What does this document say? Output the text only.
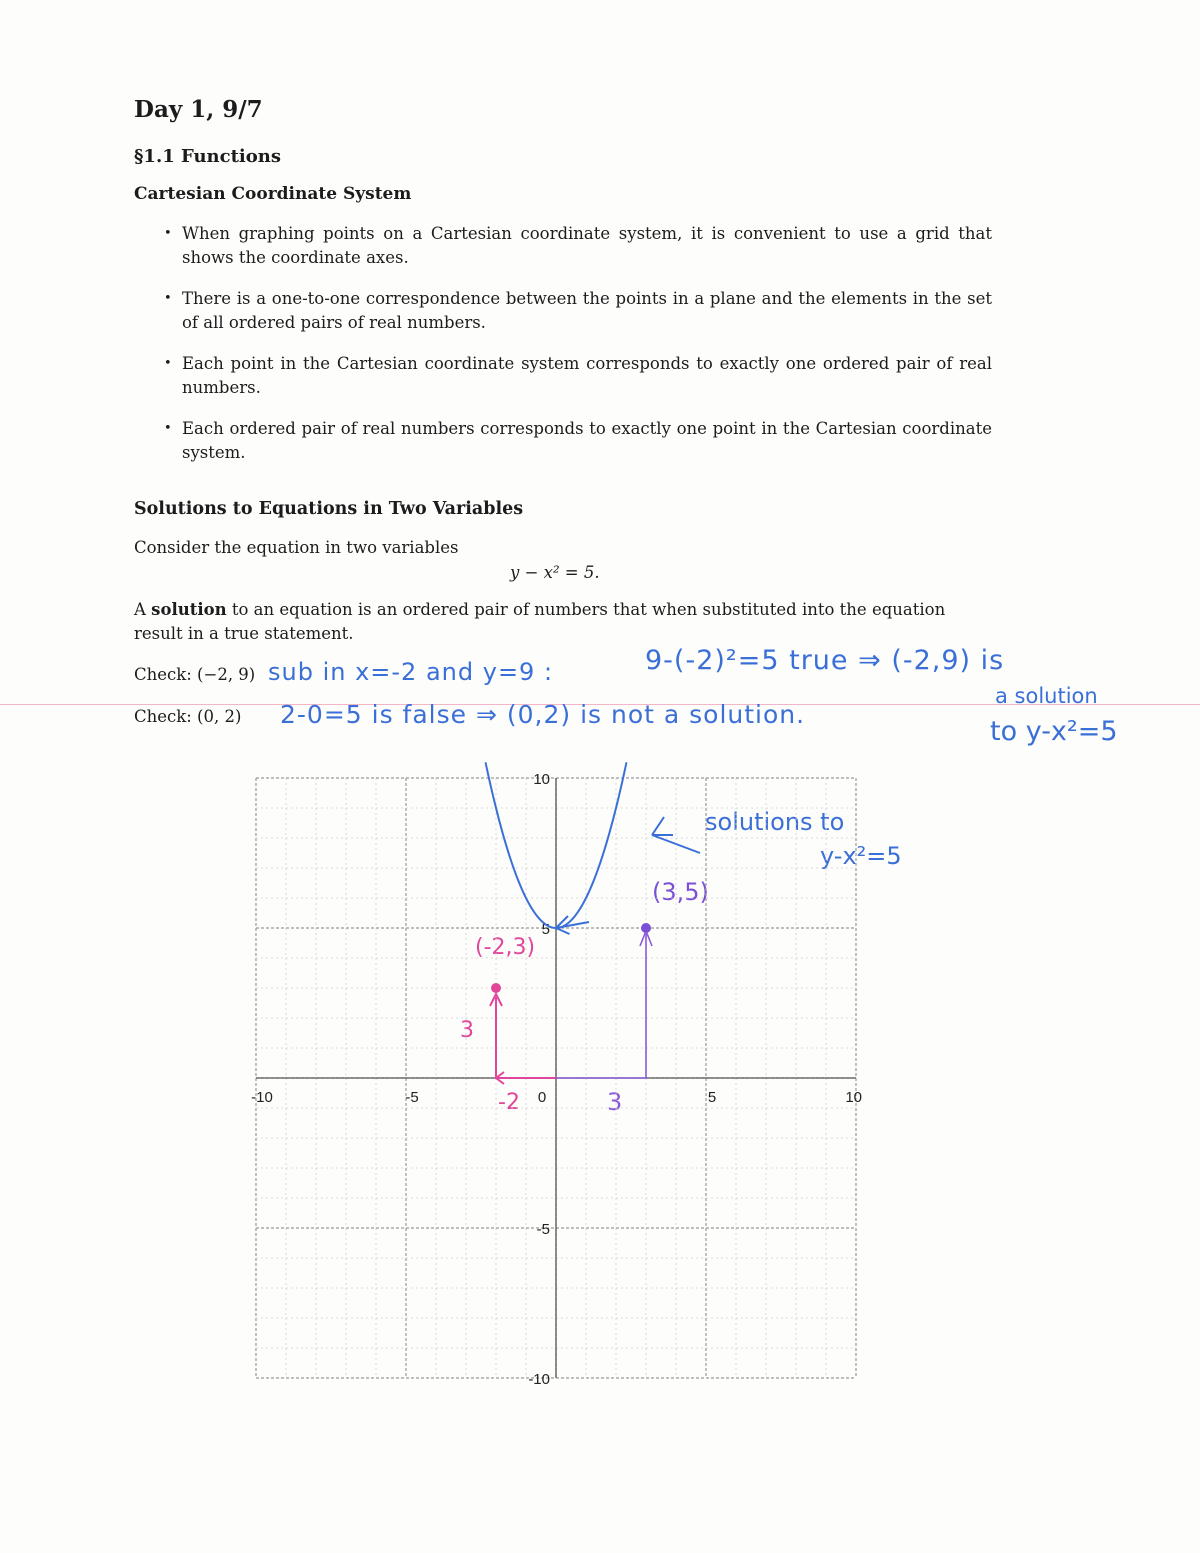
Day 1, 9/7
§1.1 Functions
Cartesian Coordinate System
• When graphing points on a Cartesian coordinate system, it is convenient to use a grid that shows the coordinate axes.
• There is a one-to-one correspondence between the points in a plane and the elements in the set of all ordered pairs of real numbers.
• Each point in the Cartesian coordinate system corresponds to exactly one ordered pair of real numbers.
• Each ordered pair of real numbers corresponds to exactly one point in the Cartesian coordinate system.
Solutions to Equations in Two Variables
Consider the equation in two variables
y − x² = 5.
A solution to an equation is an ordered pair of numbers that when substituted into the equation result in a true statement.
Check: (−2, 9)
Check: (0, 2)
sub in x=-2 and y=9 :	9-(-2)²=5 true ⇒ (-2,9) is
a solution
to y-x²=5
2-0=5 is false ⇒ (0,2) is not a solution.
solutions to
y-x²=5
(3,5)
(-2,3)
3
-2	3
-10	-5	0	5	10
10
5
-5
-10
